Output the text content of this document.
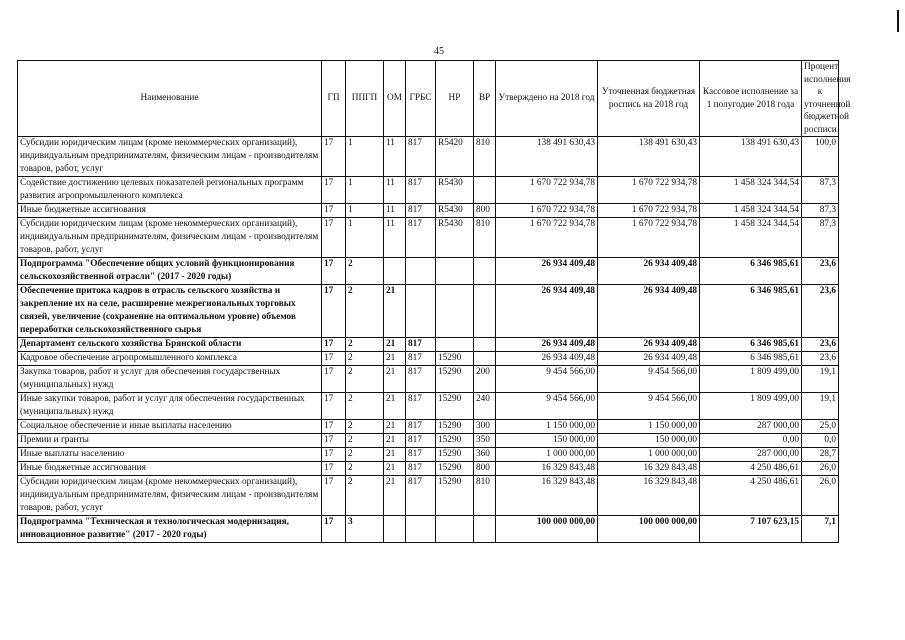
45
Наименование	ГП	ППГП	ОМ	ГРБС	НР	ВР	Утверждено на 2018 год	Уточненная бюджетная роспись на 2018 год	Кассовое исполнение за 1 полугодие 2018 года	Процент исполнения к уточненной бюджетной росписи
Субсидии юридическим лицам (кроме некоммерческих организаций), индивидуальным предпринимателям, физическим лицам - производителям товаров, работ, услуг	17	1	11	817	R5420	810	138 491 630,43	138 491 630,43	138 491 630,43	100,0
Содействие достижению целевых показателей региональных программ развития агропромышленного комплекса	17	1	11	817	R5430		1 670 722 934,78	1 670 722 934,78	1 458 324 344,54	87,3
Иные бюджетные ассигнования	17	1	11	817	R5430	800	1 670 722 934,78	1 670 722 934,78	1 458 324 344,54	87,3
Субсидии юридическим лицам (кроме некоммерческих организаций), индивидуальным предпринимателям, физическим лицам - производителям товаров, работ, услуг	17	1	11	817	R5430	810	1 670 722 934,78	1 670 722 934,78	1 458 324 344,54	87,3
Подпрограмма "Обеспечение общих условий функционирования сельскохозяйственной отрасли" (2017 - 2020 годы)	17	2					26 934 409,48	26 934 409,48	6 346 985,61	23,6
Обеспечение притока кадров в отрасль сельского хозяйства и закрепление их на селе, расширение межрегиональных торговых связей, увеличение (сохранение на оптимальном уровне) объемов переработки сельскохозяйственного сырья	17	2	21				26 934 409,48	26 934 409,48	6 346 985,61	23,6
Департамент сельского хозяйства Брянской области	17	2	21	817			26 934 409,48	26 934 409,48	6 346 985,61	23,6
Кадровое обеспечение агропромышленного комплекса	17	2	21	817	15290		26 934 409,48	26 934 409,48	6 346 985,61	23,6
Закупка товаров, работ и услуг для обеспечения государственных (муниципальных) нужд	17	2	21	817	15290	200	9 454 566,00	9 454 566,00	1 809 499,00	19,1
Иные закупки товаров, работ и услуг для обеспечения государственных (муниципальных) нужд	17	2	21	817	15290	240	9 454 566,00	9 454 566,00	1 809 499,00	19,1
Социальное обеспечение и иные выплаты населению	17	2	21	817	15290	300	1 150 000,00	1 150 000,00	287 000,00	25,0
Премии и гранты	17	2	21	817	15290	350	150 000,00	150 000,00	0,00	0,0
Иные выплаты населению	17	2	21	817	15290	360	1 000 000,00	1 000 000,00	287 000,00	28,7
Иные бюджетные ассигнования	17	2	21	817	15290	800	16 329 843,48	16 329 843,48	4 250 486,61	26,0
Субсидии юридическим лицам (кроме некоммерческих организаций), индивидуальным предпринимателям, физическим лицам - производителям товаров, работ, услуг	17	2	21	817	15290	810	16 329 843,48	16 329 843,48	4 250 486,61	26,0
Подпрограмма "Техническая и технологическая модернизация, инновационное развитие" (2017 - 2020 годы)	17	3					100 000 000,00	100 000 000,00	7 107 623,15	7,1
